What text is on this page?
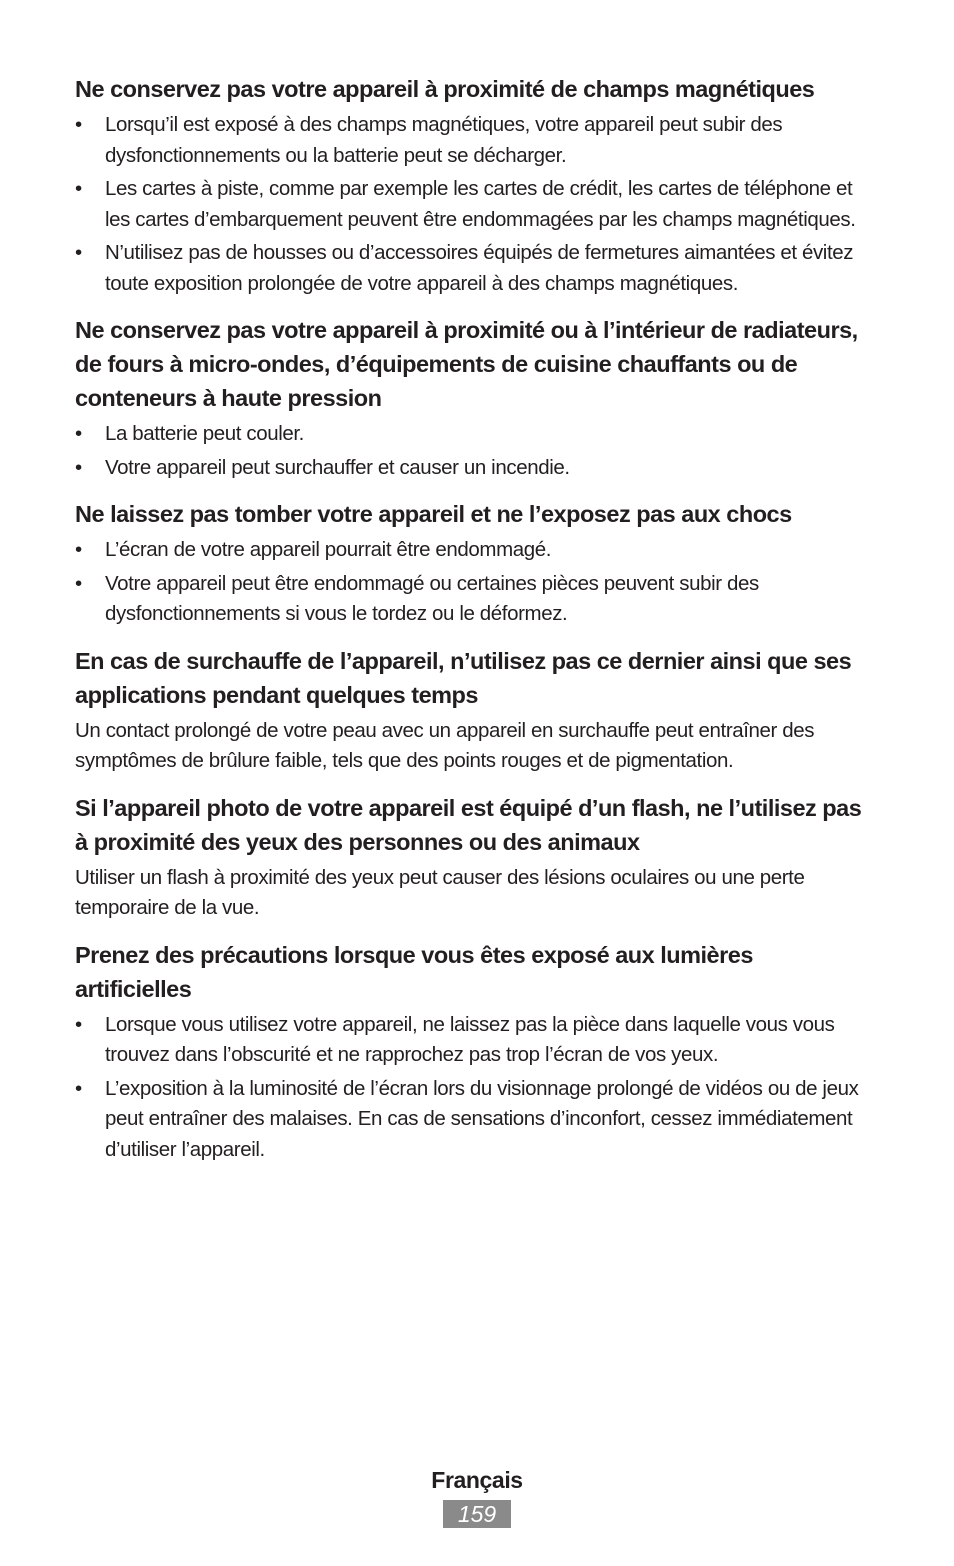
Ne conservez pas votre appareil à proximité de champs magnétiques
•	Lorsqu’il est exposé à des champs magnétiques, votre appareil peut subir des dysfonctionnements ou la batterie peut se décharger.
•	Les cartes à piste, comme par exemple les cartes de crédit, les cartes de téléphone et les cartes d’embarquement peuvent être endommagées par les champs magnétiques.
•	N’utilisez pas de housses ou d’accessoires équipés de fermetures aimantées et évitez toute exposition prolongée de votre appareil à des champs magnétiques.
Ne conservez pas votre appareil à proximité ou à l’intérieur de radiateurs, de fours à micro-ondes, d’équipements de cuisine chauffants ou de conteneurs à haute pression
•	La batterie peut couler.
•	Votre appareil peut surchauffer et causer un incendie.
Ne laissez pas tomber votre appareil et ne l’exposez pas aux chocs
•	L’écran de votre appareil pourrait être endommagé.
•	Votre appareil peut être endommagé ou certaines pièces peuvent subir des dysfonctionnements si vous le tordez ou le déformez.
En cas de surchauffe de l’appareil, n’utilisez pas ce dernier ainsi que ses applications pendant quelques temps

Un contact prolongé de votre peau avec un appareil en surchauffe peut entraîner des symptômes de brûlure faible, tels que des points rouges et de pigmentation.

Si l’appareil photo de votre appareil est équipé d’un flash, ne l’utilisez pas à proximité des yeux des personnes ou des animaux

Utiliser un flash à proximité des yeux peut causer des lésions oculaires ou une perte temporaire de la vue.

Prenez des précautions lorsque vous êtes exposé aux lumières artificielles
•	Lorsque vous utilisez votre appareil, ne laissez pas la pièce dans laquelle vous vous trouvez dans l’obscurité et ne rapprochez pas trop l’écran de vos yeux.
•	L’exposition à la luminosité de l’écran lors du visionnage prolongé de vidéos ou de jeux peut entraîner des malaises. En cas de sensations d’inconfort, cessez immédiatement d’utiliser l’appareil.
Français
159
